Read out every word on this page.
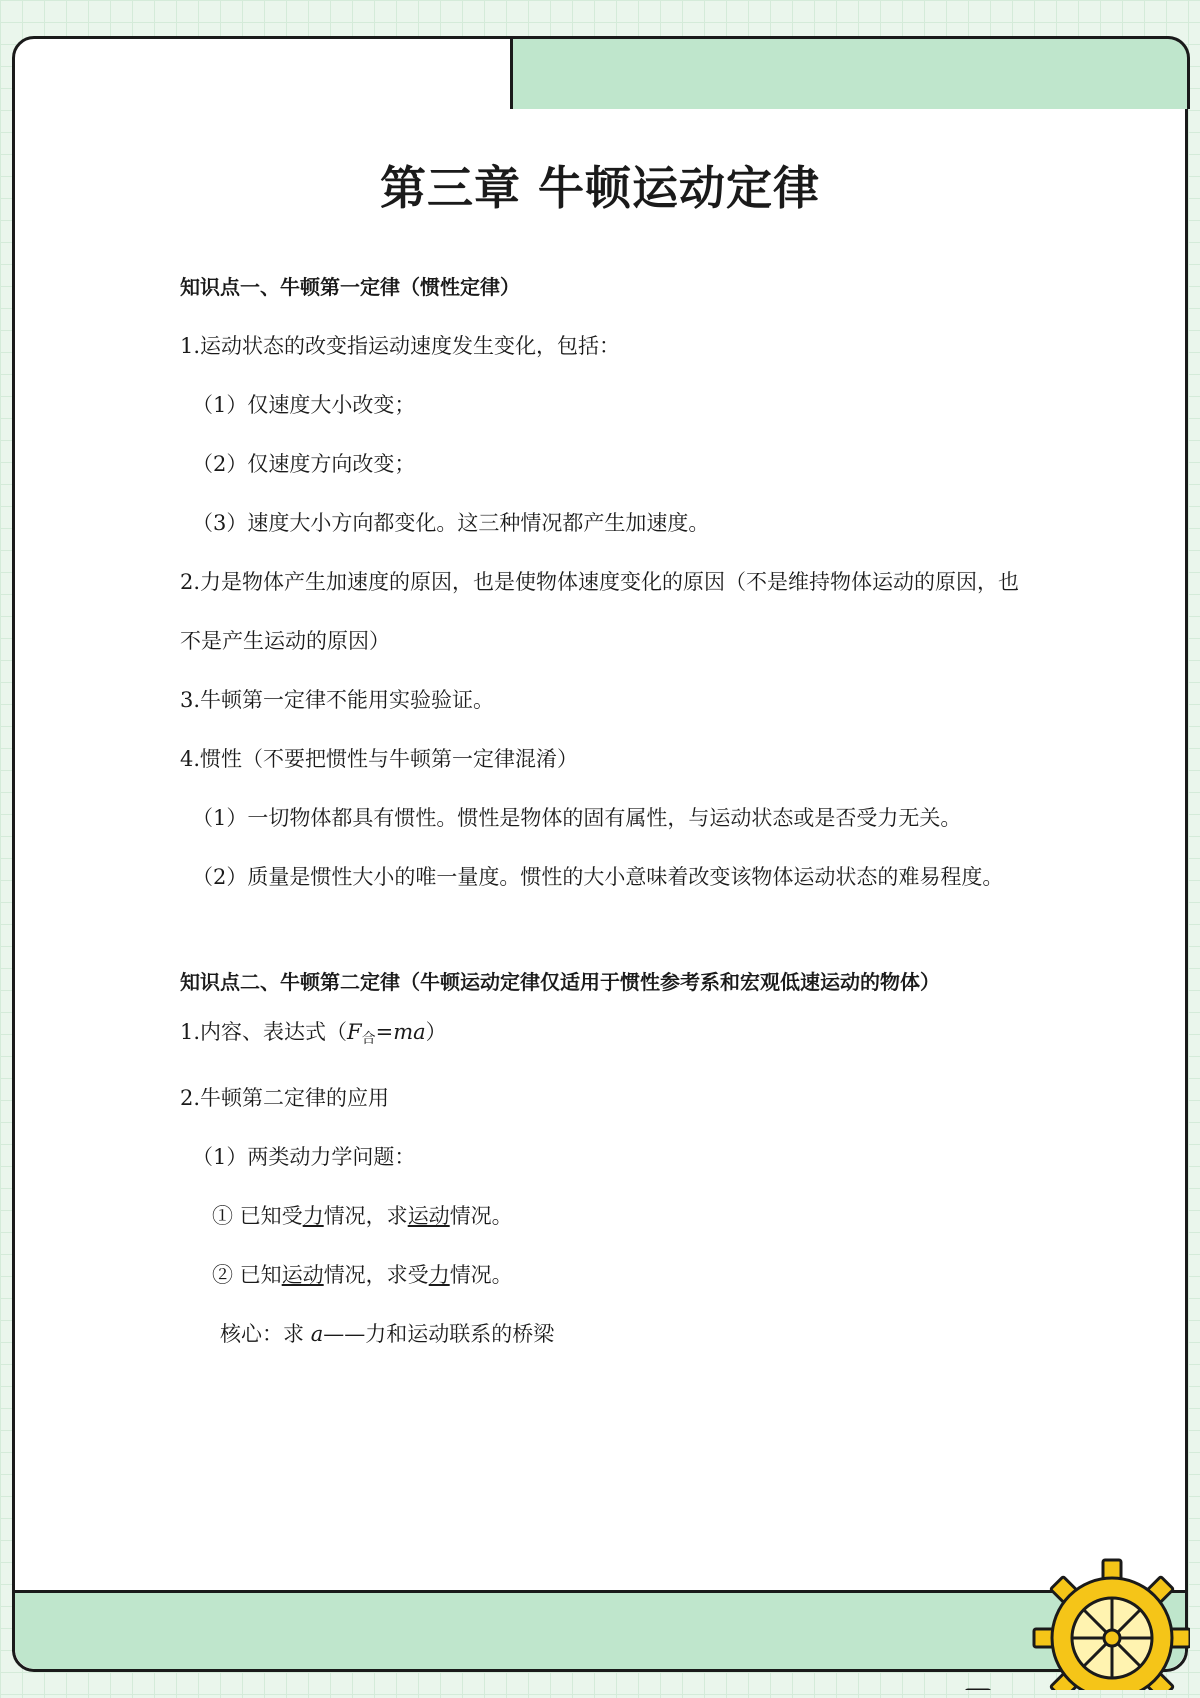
第三章 牛顿运动定律

知识点一、牛顿第一定律（惯性定律）

1.运动状态的改变指运动速度发生变化，包括：

（1）仅速度大小改变；

（2）仅速度方向改变；

（3）速度大小方向都变化。这三种情况都产生加速度。

2.力是物体产生加速度的原因，也是使物体速度变化的原因（不是维持物体运动的原因，也

不是产生运动的原因）

3.牛顿第一定律不能用实验验证。

4.惯性（不要把惯性与牛顿第一定律混淆）

（1）一切物体都具有惯性。惯性是物体的固有属性，与运动状态或是否受力无关。

（2）质量是惯性大小的唯一量度。惯性的大小意味着改变该物体运动状态的难易程度。

知识点二、牛顿第二定律（牛顿运动定律仅适用于惯性参考系和宏观低速运动的物体）

1.内容、表达式$(F_合=ma)$

2.牛顿第二定律的应用

（1）两类动力学问题：

① 已知受力情况，求运动情况。

② 已知运动情况，求受力情况。

核心：求 a——力和运动联系的桥梁
